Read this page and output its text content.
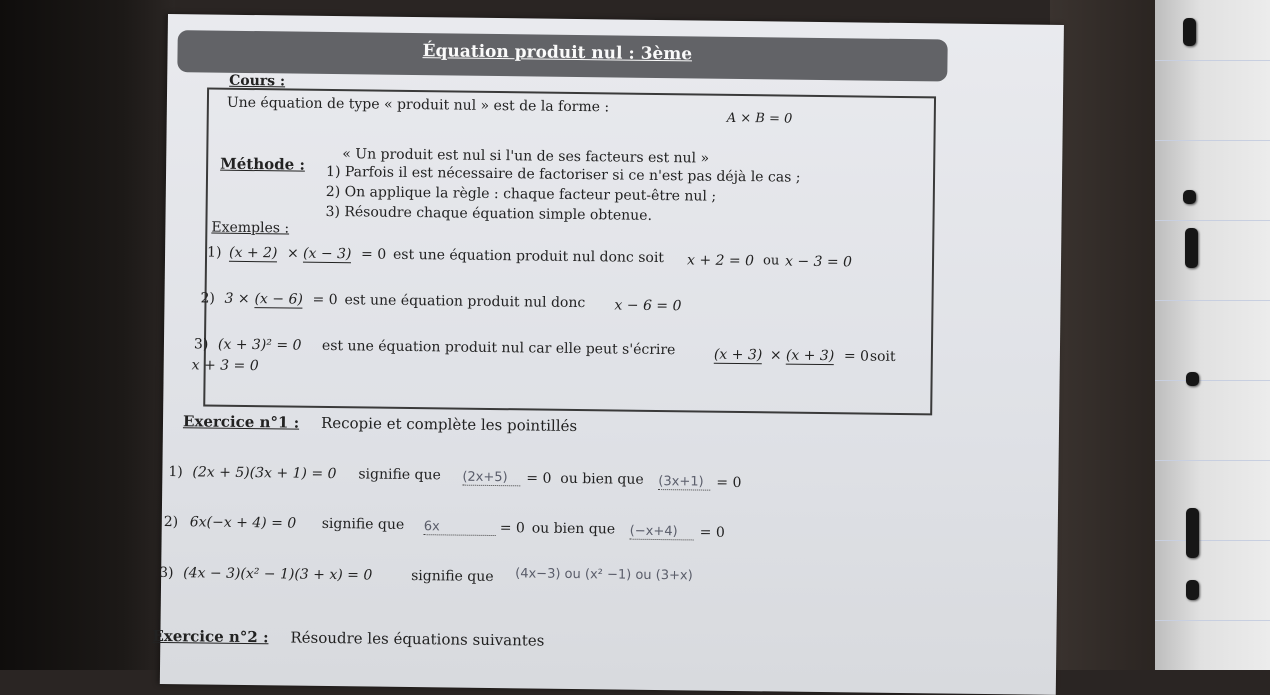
Équation produit nul : 3ème
Cours :
Une équation de type « produit nul » est de la forme :
A × B = 0
« Un produit est nul si l'un de ses facteurs est nul »
Méthode : 1) Parfois il est nécessaire de factoriser si ce n'est pas déjà le cas ;
2) On applique la règle : chaque facteur peut-être nul ;
3) Résoudre chaque équation simple obtenue.
Exemples :
1) (x + 2) × (x − 3) = 0 est une équation produit nul donc soit x + 2 = 0 ou x − 3 = 0
2) 3 × (x − 6) = 0 est une équation produit nul donc x − 6 = 0
3) (x + 3)² = 0 est une équation produit nul car elle peut s'écrire	(x + 3) × (x + 3) = 0 soit
x + 3 = 0
Exercice n°1 : Recopie et complète les pointillés
1) (2x + 5)(3x + 1) = 0 signifie que (2x+5)	= 0 ou bien que (3x+1) = 0
2) 6x(−x + 4) = 0 signifie que 6x	= 0 ou bien que (−x+4)	= 0
3) (4x − 3)(x² − 1)(3 + x) = 0	signifie que (4x−3) ou (x² −1) ou (3+x)
Exercice n°2 : Résoudre les équations suivantes
